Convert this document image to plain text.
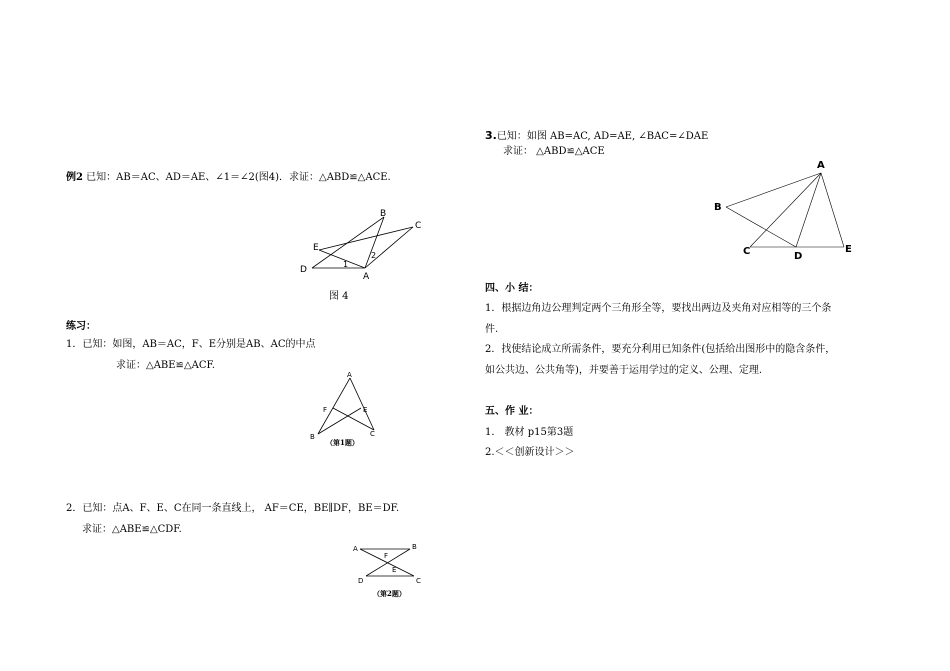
例2 已知：AB＝AC、AD＝AE、∠1＝∠2(图4)．求证：△ABD≌△ACE.
B
C
E
D
A
1
2
图 4
练习：
1．已知：如图，AB＝AC，F、E分别是AB、AC的中点
求证：△ABE≌△ACF.
A
F	E
B	C
（第1题）
2．已知：点A、F、E、C在同一条直线上， AF＝CE，BE∥DF，BE＝DF.
求证：△ABE≌△CDF.
A	B
F
E
D	C
（第2题）
3.已知：如图 AB=AC, AD=AE, ∠BAC=∠DAE
求证： △ABD≌△ACE
A
B
C	D
E
四、小 结：
1．根据边角边公理判定两个三角形全等，要找出两边及夹角对应相等的三个条
件.
2．找使结论成立所需条件，要充分利用已知条件(包括给出图形中的隐含条件，
如公共边、公共角等)，并要善于运用学过的定义、公理、定理.
五、作 业：
1． 教材 p15第3题
2.＜＜创新设计＞＞
